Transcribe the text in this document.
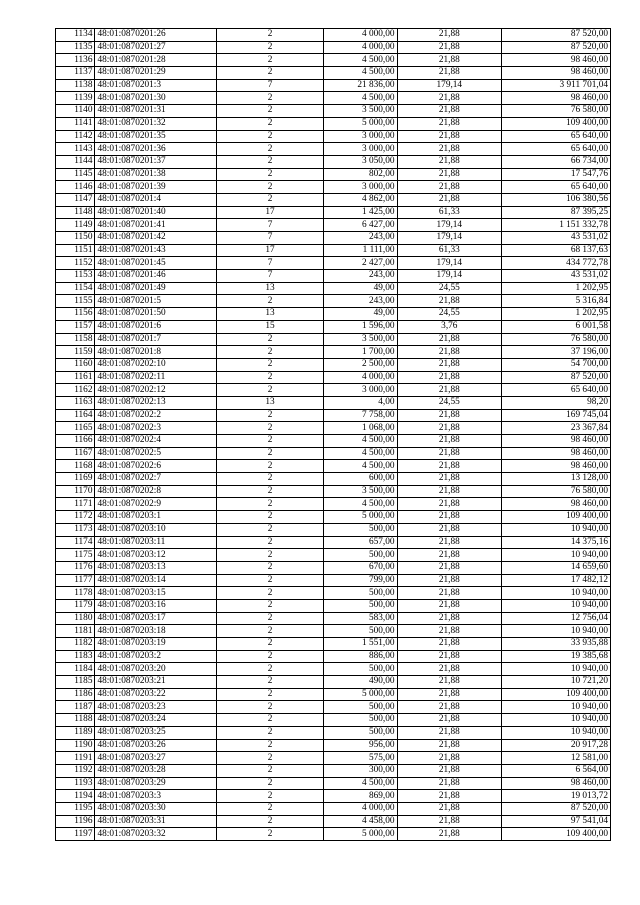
1134	48:01:0870201:26	2	4 000,00	21,88	87 520,00
1135	48:01:0870201:27	2	4 000,00	21,88	87 520,00
1136	48:01:0870201:28	2	4 500,00	21,88	98 460,00
1137	48:01:0870201:29	2	4 500,00	21,88	98 460,00
1138	48:01:0870201:3	7	21 836,00	179,14	3 911 701,04
1139	48:01:0870201:30	2	4 500,00	21,88	98 460,00
1140	48:01:0870201:31	2	3 500,00	21,88	76 580,00
1141	48:01:0870201:32	2	5 000,00	21,88	109 400,00
1142	48:01:0870201:35	2	3 000,00	21,88	65 640,00
1143	48:01:0870201:36	2	3 000,00	21,88	65 640,00
1144	48:01:0870201:37	2	3 050,00	21,88	66 734,00
1145	48:01:0870201:38	2	802,00	21,88	17 547,76
1146	48:01:0870201:39	2	3 000,00	21,88	65 640,00
1147	48:01:0870201:4	2	4 862,00	21,88	106 380,56
1148	48:01:0870201:40	17	1 425,00	61,33	87 395,25
1149	48:01:0870201:41	7	6 427,00	179,14	1 151 332,78
1150	48:01:0870201:42	7	243,00	179,14	43 531,02
1151	48:01:0870201:43	17	1 111,00	61,33	68 137,63
1152	48:01:0870201:45	7	2 427,00	179,14	434 772,78
1153	48:01:0870201:46	7	243,00	179,14	43 531,02
1154	48:01:0870201:49	13	49,00	24,55	1 202,95
1155	48:01:0870201:5	2	243,00	21,88	5 316,84
1156	48:01:0870201:50	13	49,00	24,55	1 202,95
1157	48:01:0870201:6	15	1 596,00	3,76	6 001,58
1158	48:01:0870201:7	2	3 500,00	21,88	76 580,00
1159	48:01:0870201:8	2	1 700,00	21,88	37 196,00
1160	48:01:0870202:10	2	2 500,00	21,88	54 700,00
1161	48:01:0870202:11	2	4 000,00	21,88	87 520,00
1162	48:01:0870202:12	2	3 000,00	21,88	65 640,00
1163	48:01:0870202:13	13	4,00	24,55	98,20
1164	48:01:0870202:2	2	7 758,00	21,88	169 745,04
1165	48:01:0870202:3	2	1 068,00	21,88	23 367,84
1166	48:01:0870202:4	2	4 500,00	21,88	98 460,00
1167	48:01:0870202:5	2	4 500,00	21,88	98 460,00
1168	48:01:0870202:6	2	4 500,00	21,88	98 460,00
1169	48:01:0870202:7	2	600,00	21,88	13 128,00
1170	48:01:0870202:8	2	3 500,00	21,88	76 580,00
1171	48:01:0870202:9	2	4 500,00	21,88	98 460,00
1172	48:01:0870203:1	2	5 000,00	21,88	109 400,00
1173	48:01:0870203:10	2	500,00	21,88	10 940,00
1174	48:01:0870203:11	2	657,00	21,88	14 375,16
1175	48:01:0870203:12	2	500,00	21,88	10 940,00
1176	48:01:0870203:13	2	670,00	21,88	14 659,60
1177	48:01:0870203:14	2	799,00	21,88	17 482,12
1178	48:01:0870203:15	2	500,00	21,88	10 940,00
1179	48:01:0870203:16	2	500,00	21,88	10 940,00
1180	48:01:0870203:17	2	583,00	21,88	12 756,04
1181	48:01:0870203:18	2	500,00	21,88	10 940,00
1182	48:01:0870203:19	2	1 551,00	21,88	33 935,88
1183	48:01:0870203:2	2	886,00	21,88	19 385,68
1184	48:01:0870203:20	2	500,00	21,88	10 940,00
1185	48:01:0870203:21	2	490,00	21,88	10 721,20
1186	48:01:0870203:22	2	5 000,00	21,88	109 400,00
1187	48:01:0870203:23	2	500,00	21,88	10 940,00
1188	48:01:0870203:24	2	500,00	21,88	10 940,00
1189	48:01:0870203:25	2	500,00	21,88	10 940,00
1190	48:01:0870203:26	2	956,00	21,88	20 917,28
1191	48:01:0870203:27	2	575,00	21,88	12 581,00
1192	48:01:0870203:28	2	300,00	21,88	6 564,00
1193	48:01:0870203:29	2	4 500,00	21,88	98 460,00
1194	48:01:0870203:3	2	869,00	21,88	19 013,72
1195	48:01:0870203:30	2	4 000,00	21,88	87 520,00
1196	48:01:0870203:31	2	4 458,00	21,88	97 541,04
1197	48:01:0870203:32	2	5 000,00	21,88	109 400,00
